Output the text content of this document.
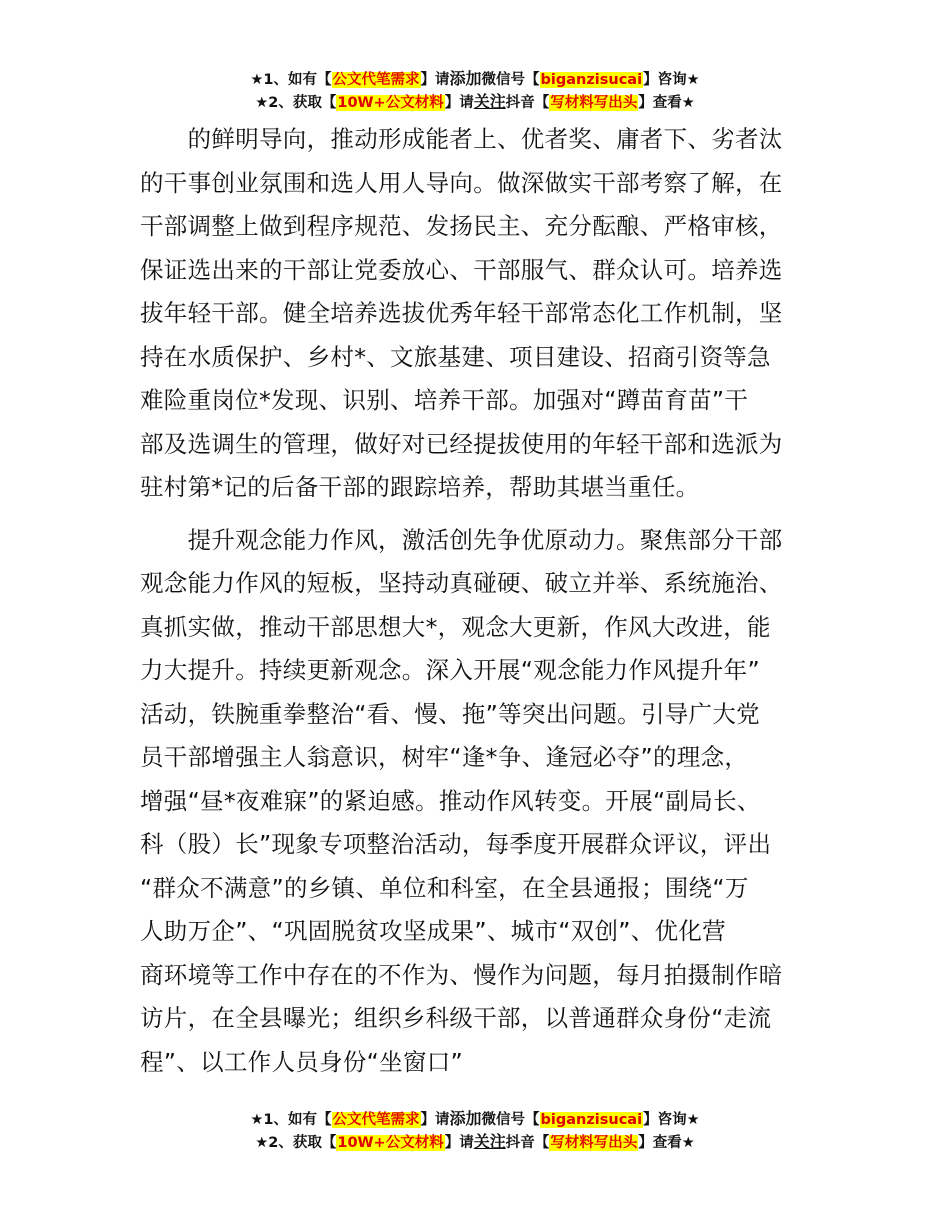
★1、如有【公文代笔需求】请添加微信号【biganzisucai】咨询★
★2、获取【10W+公文材料】请关注抖音【写材料写出头】查看★

　　的鲜明导向，推动形成能者上、优者奖、庸者下、劣者汰

的干事创业氛围和选人用人导向。做深做实干部考察了解，在

干部调整上做到程序规范、发扬民主、充分酝酿、严格审核，

保证选出来的干部让党委放心、干部服气、群众认可。培养选

拔年轻干部。健全培养选拔优秀年轻干部常态化工作机制，坚

持在水质保护、乡村*、文旅基建、项目建设、招商引资等急

难险重岗位*发现、识别、培养干部。加强对“蹲苗育苗”干

部及选调生的管理，做好对已经提拔使用的年轻干部和选派为

驻村第*记的后备干部的跟踪培养，帮助其堪当重任。

　　提升观念能力作风，激活创先争优原动力。聚焦部分干部

观念能力作风的短板，坚持动真碰硬、破立并举、系统施治、

真抓实做，推动干部思想大*，观念大更新，作风大改进，能

力大提升。持续更新观念。深入开展“观念能力作风提升年”

活动，铁腕重拳整治“看、慢、拖”等突出问题。引导广大党

员干部增强主人翁意识，树牢“逢*争、逢冠必夺”的理念，

增强“昼*夜难寐”的紧迫感。推动作风转变。开展“副局长、

科（股）长”现象专项整治活动，每季度开展群众评议，评出

“群众不满意”的乡镇、单位和科室，在全县通报；围绕“万

人助万企”、“巩固脱贫攻坚成果”、城市“双创”、优化营

商环境等工作中存在的不作为、慢作为问题，每月拍摄制作暗

访片，在全县曝光；组织乡科级干部，以普通群众身份“走流

程”、以工作人员身份“坐窗口”

★1、如有【公文代笔需求】请添加微信号【biganzisucai】咨询★
★2、获取【10W+公文材料】请关注抖音【写材料写出头】查看★
